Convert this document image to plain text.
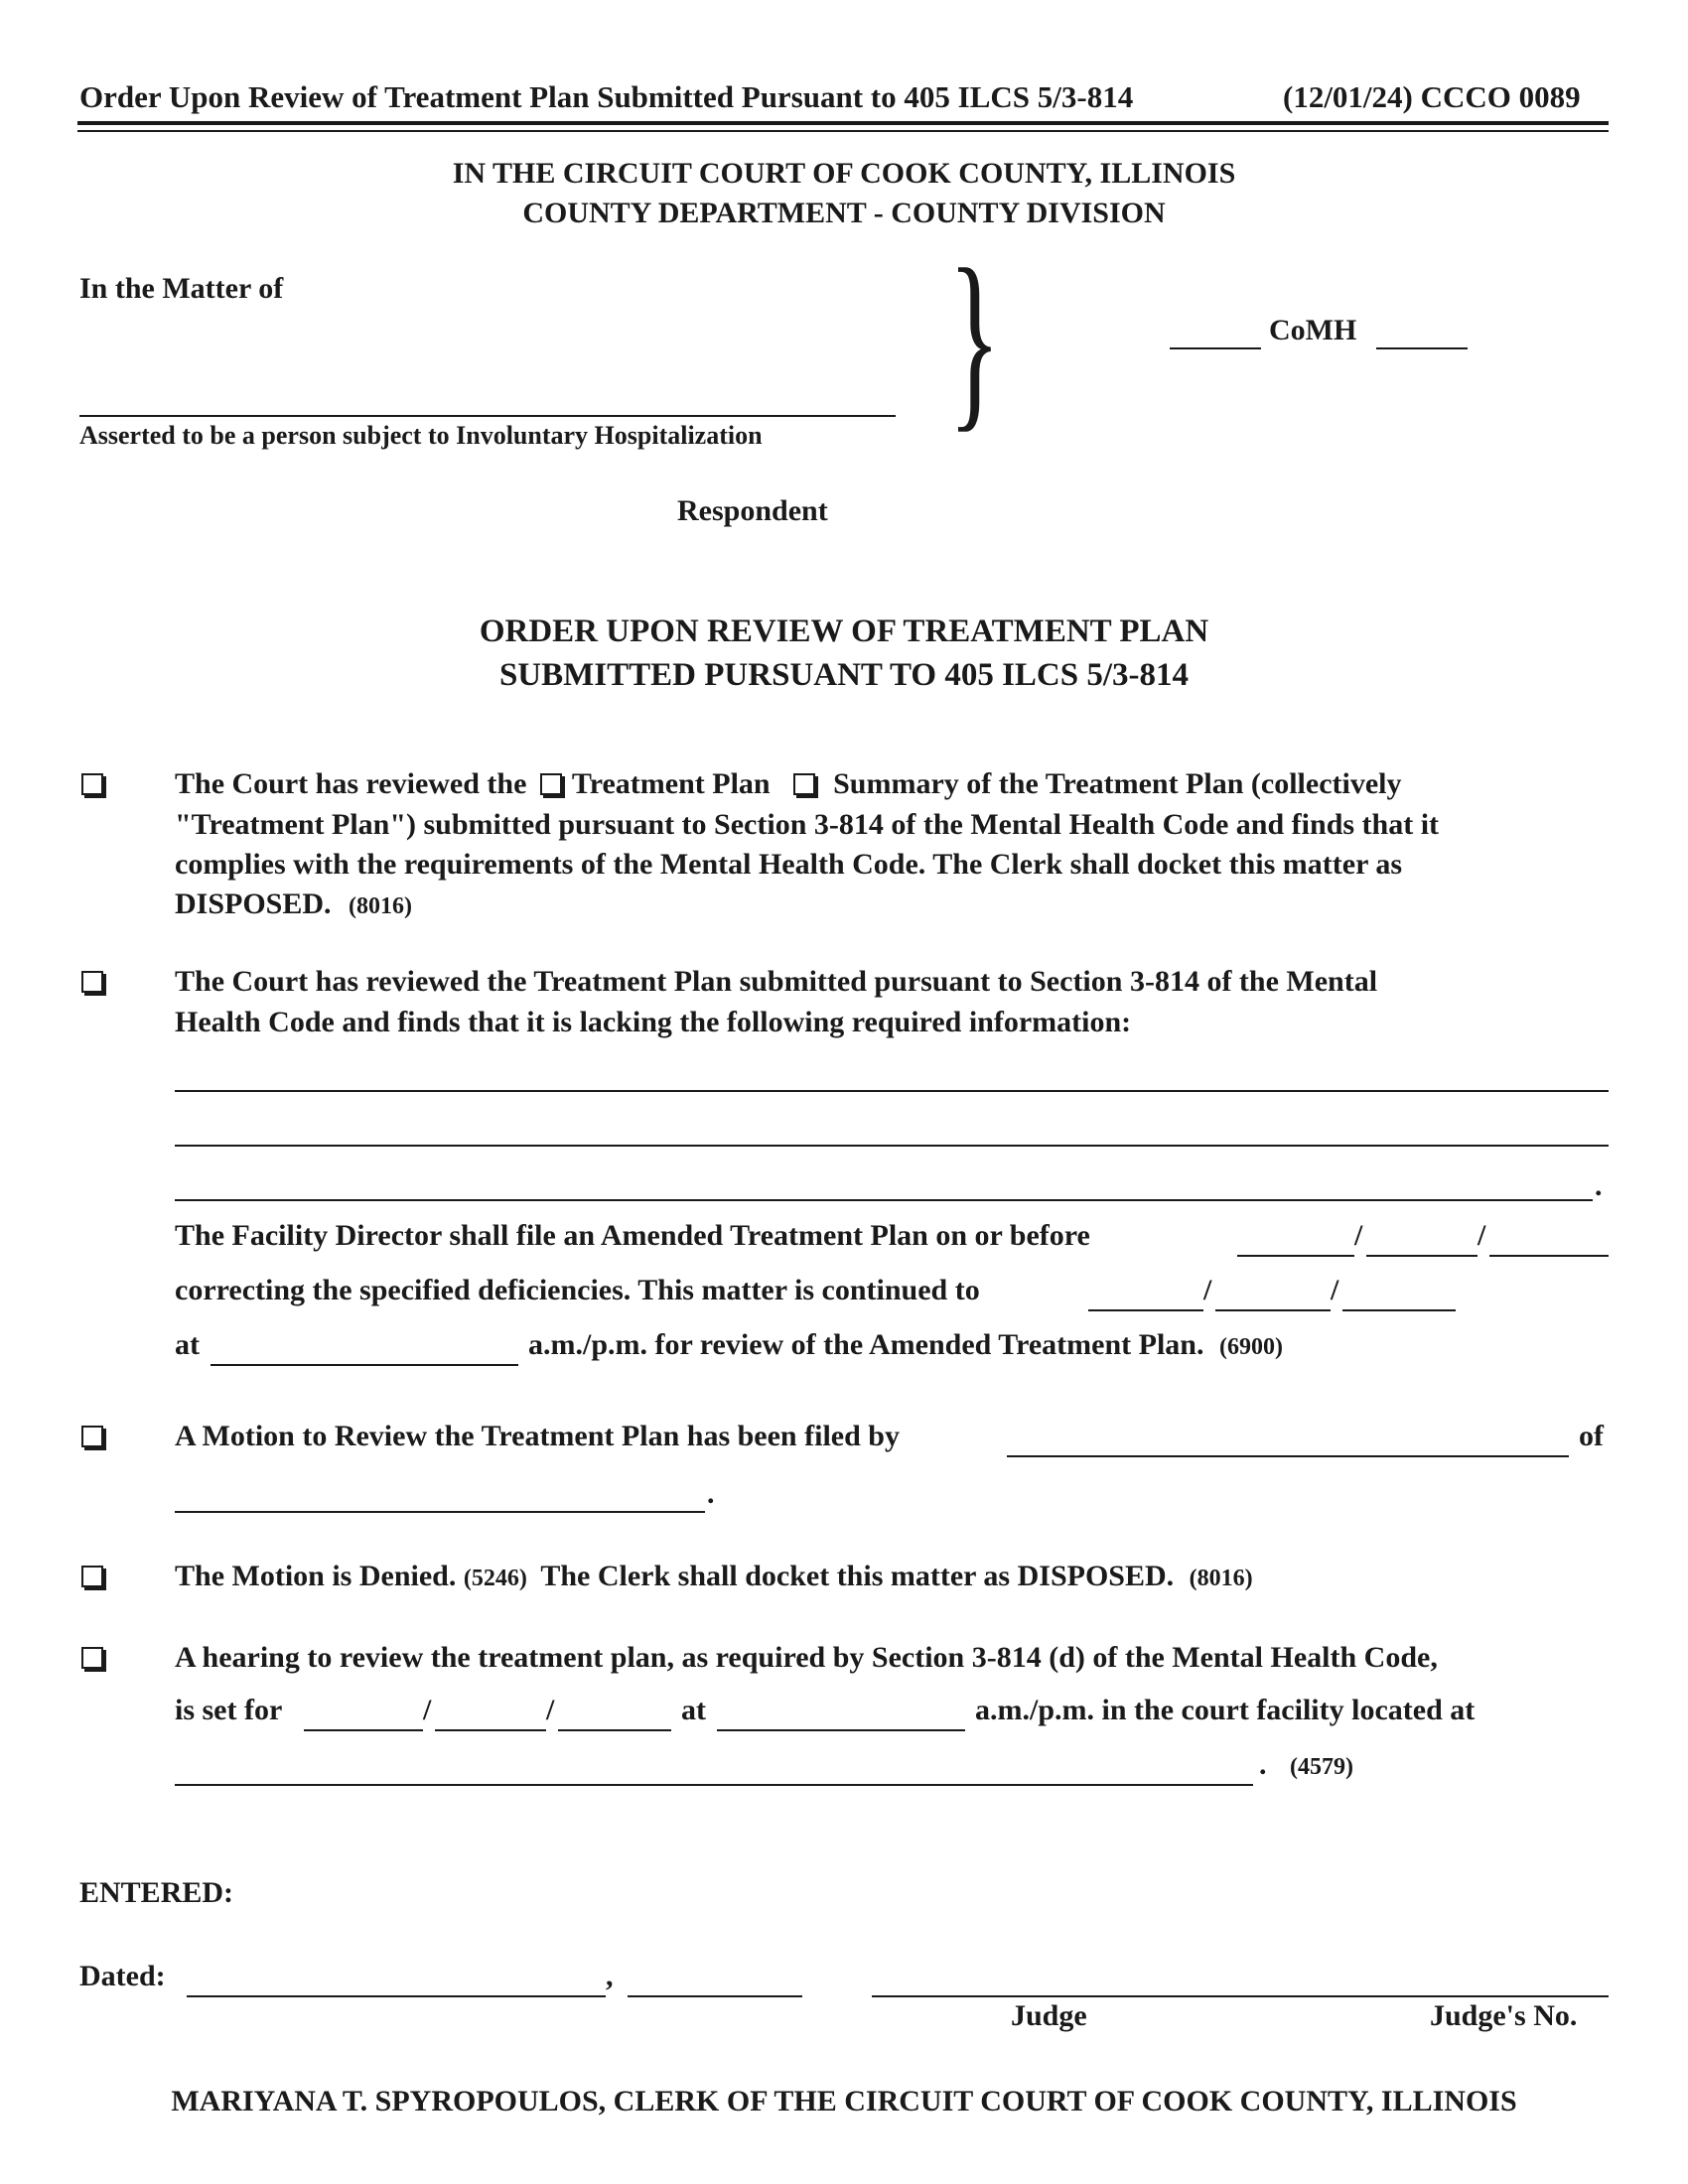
Order Upon Review of Treatment Plan Submitted Pursuant to 405 ILCS 5/3-814	(12/01/24) CCCO 0089
IN THE CIRCUIT COURT OF COOK COUNTY, ILLINOIS
COUNTY DEPARTMENT - COUNTY DIVISION
In the Matter of
Asserted to be a person subject to Involuntary Hospitalization }	CoMH
Respondent
ORDER UPON REVIEW OF TREATMENT PLAN
SUBMITTED PURSUANT TO 405 ILCS 5/3-814
The Court has reviewed the Treatment Plan Summary of the Treatment Plan (collectively
"Treatment Plan") submitted pursuant to Section 3-814 of the Mental Health Code and finds that it
complies with the requirements of the Mental Health Code. The Clerk shall docket this matter as
DISPOSED. (8016)
The Court has reviewed the Treatment Plan submitted pursuant to Section 3-814 of the Mental
Health Code and finds that it is lacking the following required information:
.
The Facility Director shall file an Amended Treatment Plan on or before	/	/
correcting the specified deficiencies. This matter is continued to	/	/
at	a.m./p.m. for review of the Amended Treatment Plan. (6900)
A Motion to Review the Treatment Plan has been filed by	of
.
The Motion is Denied. (5246) The Clerk shall docket this matter as DISPOSED. (8016)
A hearing to review the treatment plan, as required by Section 3-814 (d) of the Mental Health Code,
is set for	/	/	at	a.m./p.m. in the court facility located at
. (4579)
ENTERED:
Dated:	,
Judge	Judge's No.
MARIYANA T. SPYROPOULOS, CLERK OF THE CIRCUIT COURT OF COOK COUNTY, ILLINOIS
